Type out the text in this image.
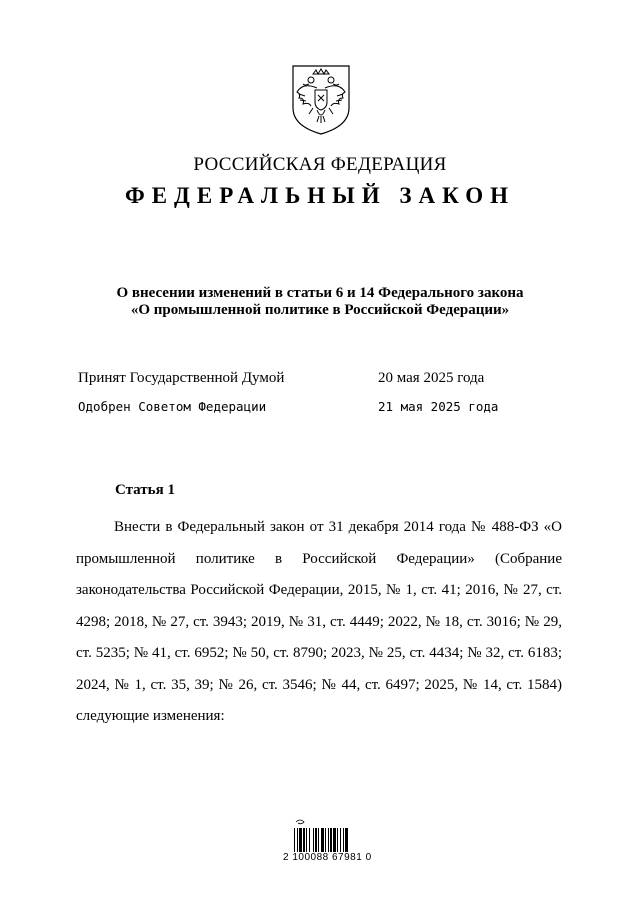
РОССИЙСКАЯ ФЕДЕРАЦИЯ
ФЕДЕРАЛЬНЫЙ ЗАКОН
О внесении изменений в статьи 6 и 14 Федерального закона
«О промышленной политике в Российской Федерации»
Принят Государственной Думой	20 мая 2025 года
Одобрен Советом Федерации	21 мая 2025 года
Статья 1
Внести в Федеральный закон от 31 декабря 2014 года № 488-ФЗ «О промышленной политике в Российской Федерации» (Собрание законодательства Российской Федерации, 2015, № 1, ст. 41; 2016, № 27, ст. 4298; 2018, № 27, ст. 3943; 2019, № 31, ст. 4449; 2022, № 18, ст. 3016; № 29, ст. 5235; № 41, ст. 6952; № 50, ст. 8790; 2023, № 25, ст. 4434; № 32, ст. 6183; 2024, № 1, ст. 35, 39; № 26, ст. 3546; № 44, ст. 6497; 2025, № 14, ст. 1584) следующие изменения:
2 100088 67981 0
